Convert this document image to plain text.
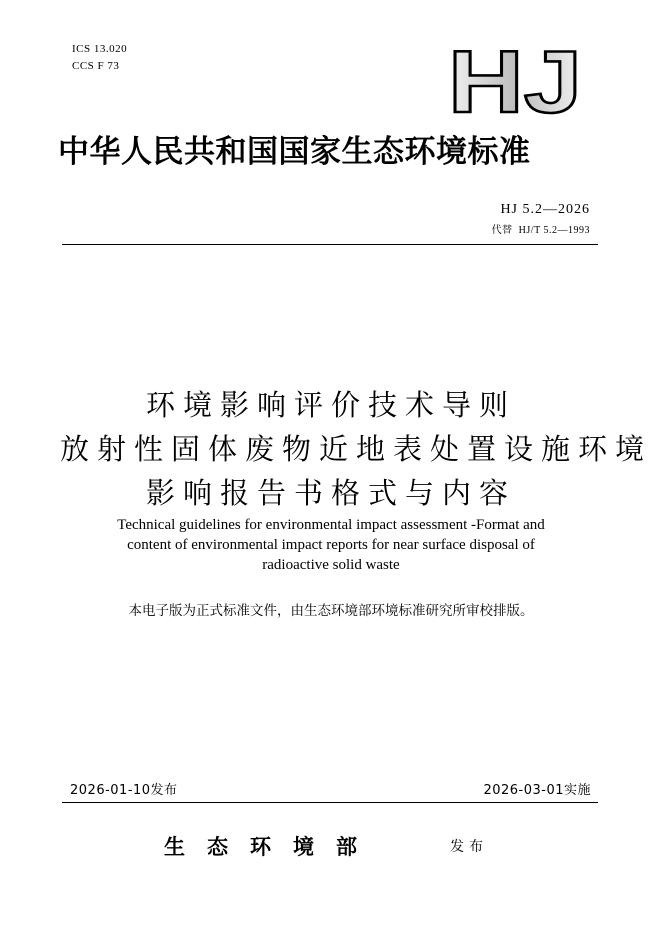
ICS 13.020
CCS F 73	HJ
中华人民共和国国家生态环境标准
HJ 5.2—2026
代替 HJ/T 5.2—1993
环境影响评价技术导则
放射性固体废物近地表处置设施环境
影响报告书格式与内容
Technical guidelines for environmental impact assessment -Format and content of environmental impact reports for near surface disposal of radioactive solid waste
本电子版为正式标准文件，由生态环境部环境标准研究所审校排版。
2026-01-10发布	2026-03-01实施
生态环境部	发布
